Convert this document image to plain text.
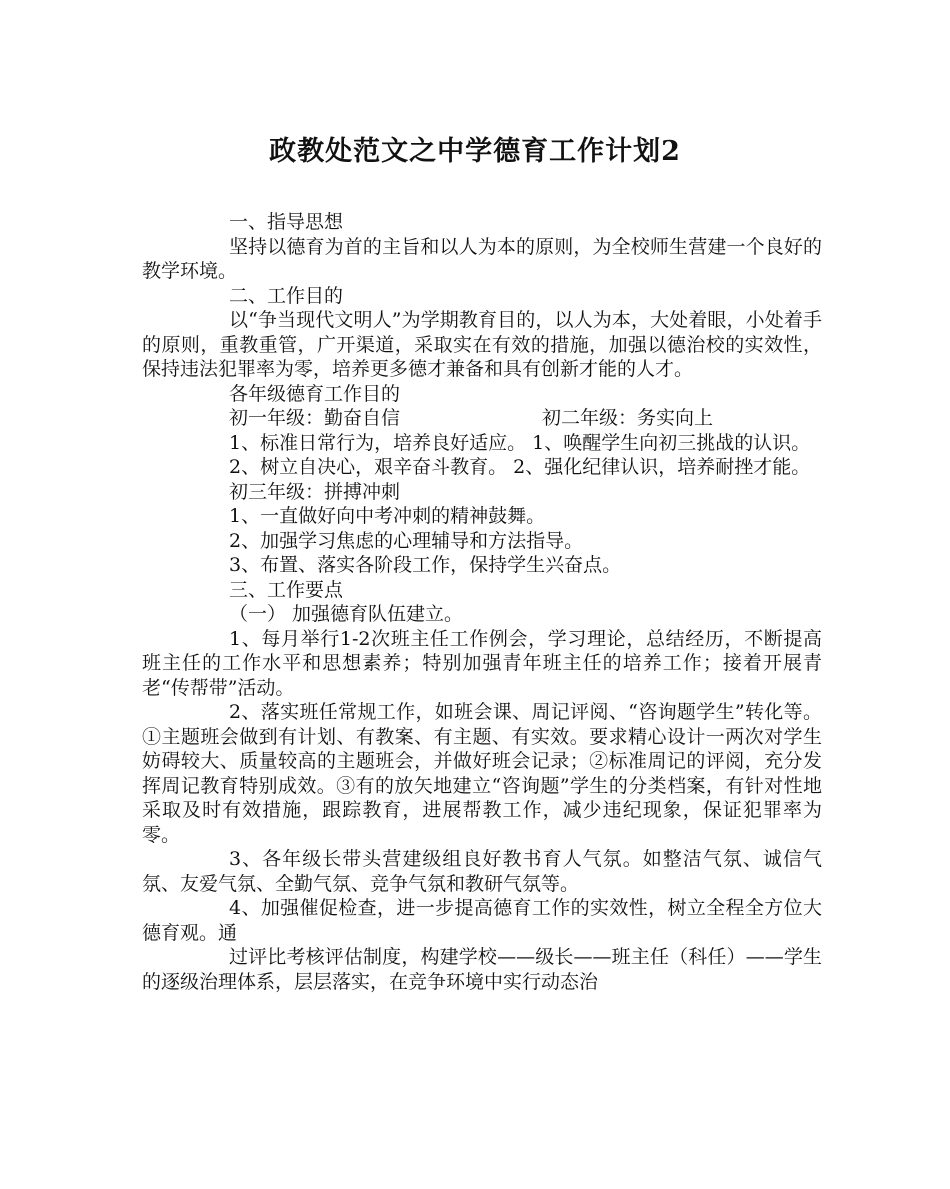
政教处范文之中学德育工作计划2

一、指导思想

坚持以德育为首的主旨和以人为本的原则，为全校师生营建一个良好的教学环境。

二、工作目的

以“争当现代文明人”为学期教育目的，以人为本，大处着眼，小处着手的原则，重教重管，广开渠道，采取实在有效的措施，加强以德治校的实效性，保持违法犯罪率为零，培养更多德才兼备和具有创新才能的人才。

各年级德育工作目的

初一年级：勤奋自信	初二年级：务实向上

1、标准日常行为，培养良好适应。 1、唤醒学生向初三挑战的认识。

2、树立自决心，艰辛奋斗教育。 2、强化纪律认识，培养耐挫才能。

初三年级：拼搏冲刺

1、一直做好向中考冲刺的精神鼓舞。

2、加强学习焦虑的心理辅导和方法指导。

3、布置、落实各阶段工作，保持学生兴奋点。

三、工作要点

（一） 加强德育队伍建立。

1、每月举行1-2次班主任工作例会，学习理论，总结经历，不断提高班主任的工作水平和思想素养；特别加强青年班主任的培养工作；接着开展青老“传帮带”活动。

2、落实班任常规工作，如班会课、周记评阅、“咨询题学生”转化等。①主题班会做到有计划、有教案、有主题、有实效。要求精心设计一两次对学生妨碍较大、质量较高的主题班会，并做好班会记录；②标准周记的评阅，充分发挥周记教育特别成效。③有的放矢地建立“咨询题”学生的分类档案，有针对性地采取及时有效措施，跟踪教育，进展帮教工作，减少违纪现象，保证犯罪率为零。

3、各年级长带头营建级组良好教书育人气氛。如整洁气氛、诚信气氛、友爱气氛、全勤气氛、竞争气氛和教研气氛等。

4、加强催促检查，进一步提高德育工作的实效性，树立全程全方位大德育观。通

过评比考核评估制度，构建学校——级长——班主任（科任）——学生的逐级治理体系，层层落实，在竞争环境中实行动态治
